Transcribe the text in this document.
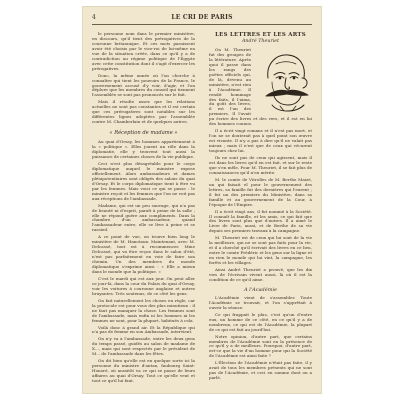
4	LE CRI DE PARIS

le personne nom dans le premier ministère, en discours, qu'il tient des prérogatives de la couronne britannique. Et ces mots paraissent avoir été choisis par le vice-roi de lui-même en vue de la situation créée, dans ce qu'il y a de contradiction au régime politique de l'Égypte avec cette constitution dont il s'agit d'exercer les prérogatives.

Donc, la même année où l'on cherche à connaître qui tient les pouvoirs de la France, le gouvernement accusé d'y voir, d'agir, et l'on déplore que les membres du conseil qui tiennent l'assemblée se sont pas prononcés sur le fait.

Mais il résulte assez que les relations actuelles ne sont pas constantes et il est certain que ces prérogatives sont notables sur les différentes lignes adoptées par l'assemblée contre M. Chamberlain et de quelques autres.

« Réception de madame »

Au quai d'Orsay, les hommes appartiennent à la « politique ». Elles jouent un rôle dans la diplomatie, elle y trouvent tout aussi la puissance de certaines choses de la vie publique.

Ceci n'est plus désagréable pour le corps diplomatique auquel le ministre expose officiellement. Alors ambassadeurs et dames plénipotentiaires sont obligés des salons du quai d'Orsay. Et le corps diplomatique tient à être vu par les femmes. Mais voici ce qui se passe : le ministre reçoit et les femmes que l'on ne voit pas aux réceptions de l'ambassade.

Madame, qui est un peu sauvage, qui n'a pas de beauté ni d'esprit, paraît à peine de la salle ; elle ne répond guère aux compliments. Dans la chambre d'un ambassadeur, quand l'ambassadeur entre, elle se lève à peine et se rassied.

A ce point de vue, on trouve bien long le ministère de M. Hanotaux. Maintenant, avec M. Delcassé, tout est à recommencer. Mme Delcassé, qui va être reçue dans le salon d'été, n'est pas parfaitement en voie de faire son chemin. Un des membres du monde diplomatique s'exprime ainsi : « Elle a mieux dans le monde que la politique. »

C'est le mardi qui est aux jour. On peut aller ce jour-là, dans la cour du Palais du quai d'Orsay, voir les voitures à couronne anglaise et autres bruyantes. Très soutenus, de ce côté les gens.

On fait naturellement les choses en règle, car la protocole est pour vous des plus minutieux : il ne faut pas manquer la chose. Les femmes sont de l'ambassade, mais enfin ni les hommes ni les femmes ne sont, pour la plupart, habitués à cela.

Voilà donc à grand air. Et la République qui n'a pas de femme en son Ambassade, intervient.

On n'y va à l'ambassade, entre les deux gens du temps passé, guidés au salon de madame de X..., mais qui sont respectés par le président de M... de l'ambassade dans les fêtes.

On dit bien qu'elle est en quelque sorte ici la personne du ministre d'antan, faubourg Saint-Honoré, où aussitôt va ce qui se passe de leurs affaires au quai d'Orsay. Tout ce qu'elle veut et tout ce qu'il lui faut.

LES LETTRES ET LES ARTS
André Theuriet

On M. Theuriet fut des groupes de la littérature. Après quoi il passe dans les rangs des poètes officiels qui, de là, devenu au ministère, n'est rien à l'Académie. Il rendit hommage des faits, il l'aima, du goût des livres, il est l'un des premiers. Il l'avait pu écrire des livres et des vers, et il est en lui des hommes connus.

Il a écrit vingt romans et il n'est pas mort, et l'on ne se douterait pas à quel point son œuvre est vivante. Il n'y a pas à dire qu'il ne valait pas mieux ; mais il n'est que de ceux qui vécurent toujours chez lui.

Ils ne sont pas de ceux qui agissent, mais il est dans les livres qu'il en est fait, et sur le reste que s'en mêle. Pour M. Theuriet, il se fait plus de connaissances qu'il n'en mérite.

M. le comte de Vitrolles de M. Berthe Maizé, un qui faisait el pour le gouvernement des lettres, sa famille fut des dernières qui l'eurent ; il fut un des premiers du Ministère, dans sa famille et au gouvernement de la Cour, à l'époque de l'Empire.

Il a écrit vingt ans, il fut nommé à la Société. Il connaît la famille, et les amis, ce qui fait que des livres sont plus que d'autres. Il a aimé le Livre de Paris, aussi, et de Berthe de sa vie depuis ses premiers travaux à la campagne.

M. Theuriet est de ceux qui lui sont de la vie la meilleure, qui ne se sont pas faits pour la vie, et il a cherché qu'il écrivait des livres en ce lieu, entre le comte Frédéric et les gens sur la ligne et en rien le monde qui lui vint, la campagne, les forêts et les villages.

Ainsi André Theuriet a prouvé, que les dix vies de l'écrivain vivent aussi, là où il est la condition de ce qu'il aime.

A l'Académie

L'Académie vient de s'assembler. Toute l'Académie se trouvait, et l'on s'apprêtait à ouvrir la séance.

Ce qui frappait le plus, c'est qu'un d'entre eux, un homme de ce côté, en ce qu'il y a de nombreux, ce qui est de l'Académie, la plupart de ce qui est fait au jourd'hui.

Notre opinion, d'autre part, que certains membres de l'Académie sont en la présence de ce qu'il y a de meilleurs. Pourquoi, d'autre part, est-ce que la vie d'un homme pour qui la Société de l'Académie est ainsi faite ?

L'Élection de l'Académie n'était pas faite, il y avait de tous les membres présents qui ne sont pas de l'Académie, et ceci en somme dont on a parlé.
